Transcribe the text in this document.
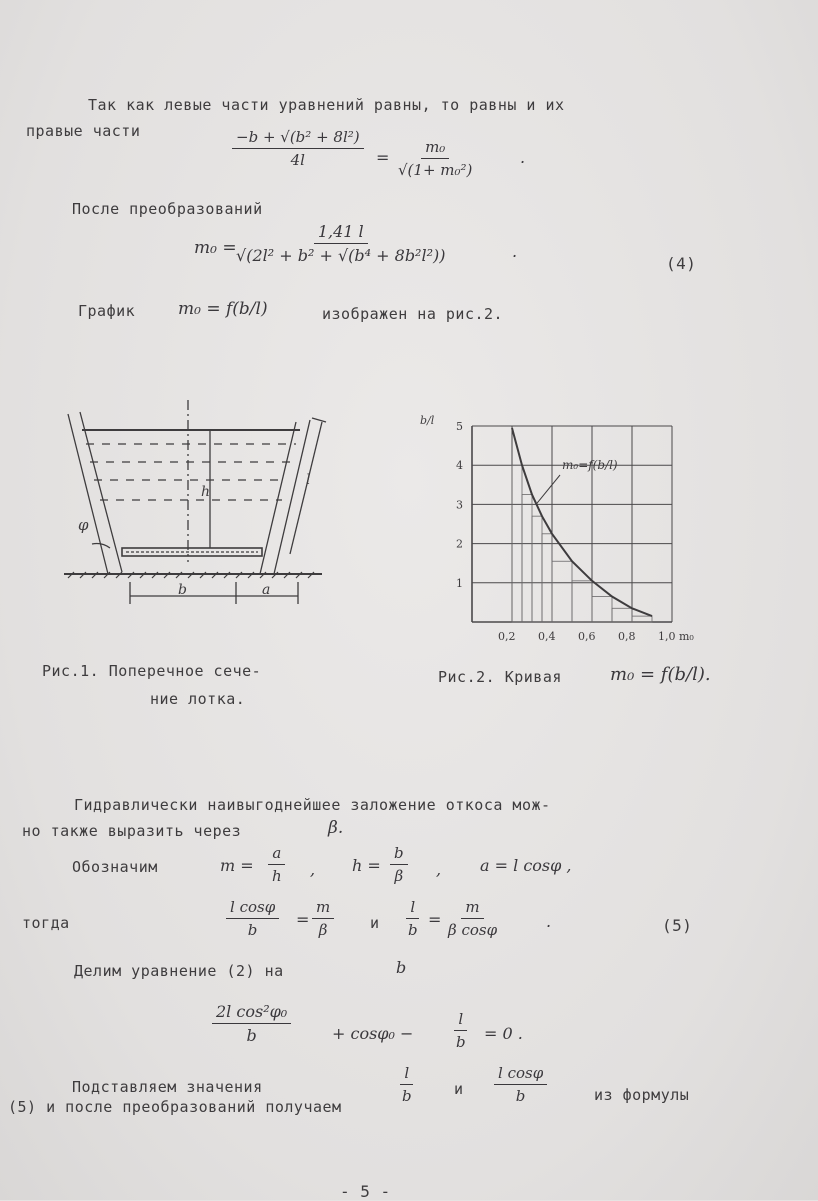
Так как левые части уравнений равны, то равны и их
правые части	$\frac{\text{−b + √(b² + 8l²)}}{4l} = \frac{\text{m₀}}{\text{√(1+ m₀²)}}$	.
После преобразований
m₀ =
$\frac{1,41 l}{\text{√(2l² + b² + √(b⁴ + 8b²l²))}}$	.
(4)
График	m₀ = f(b/l)	изображен на рис.2.
h
l
φ
b	a
m₀=f(b/l)
b/l
0,2 0,4 0,6 0,8 1,0 m₀
1
2
3
4
5
Рис.1. Поперечное сече-
ние лотка.
Рис.2. Кривая	m₀ = f(b/l).
Гидравлически наивыгоднейшее заложение откоса мож-
но также выразить через	β.
Обозначим	$m = \frac{a}{h}$ , $h = \frac{b}{\beta}$ , a = l cosφ ,
тогда	$\frac{\text{l cosφ}}{b} = \frac{m}{\beta}$ и $\frac{l}{b} = \frac{m}{\text{β cosφ}}$	.	(5)
Делим уравнение (2) на	b
$\frac{\text{2l cos²φ₀}}{b}$	+ cosφ₀ −	$\frac{l}{b} = 0$ .
Подставляем значения	$\frac{l}{b}$	и $\frac{\text{l cosφ}}{b}$	из формулы
(5) и после преобразований получаем
- 5 -
